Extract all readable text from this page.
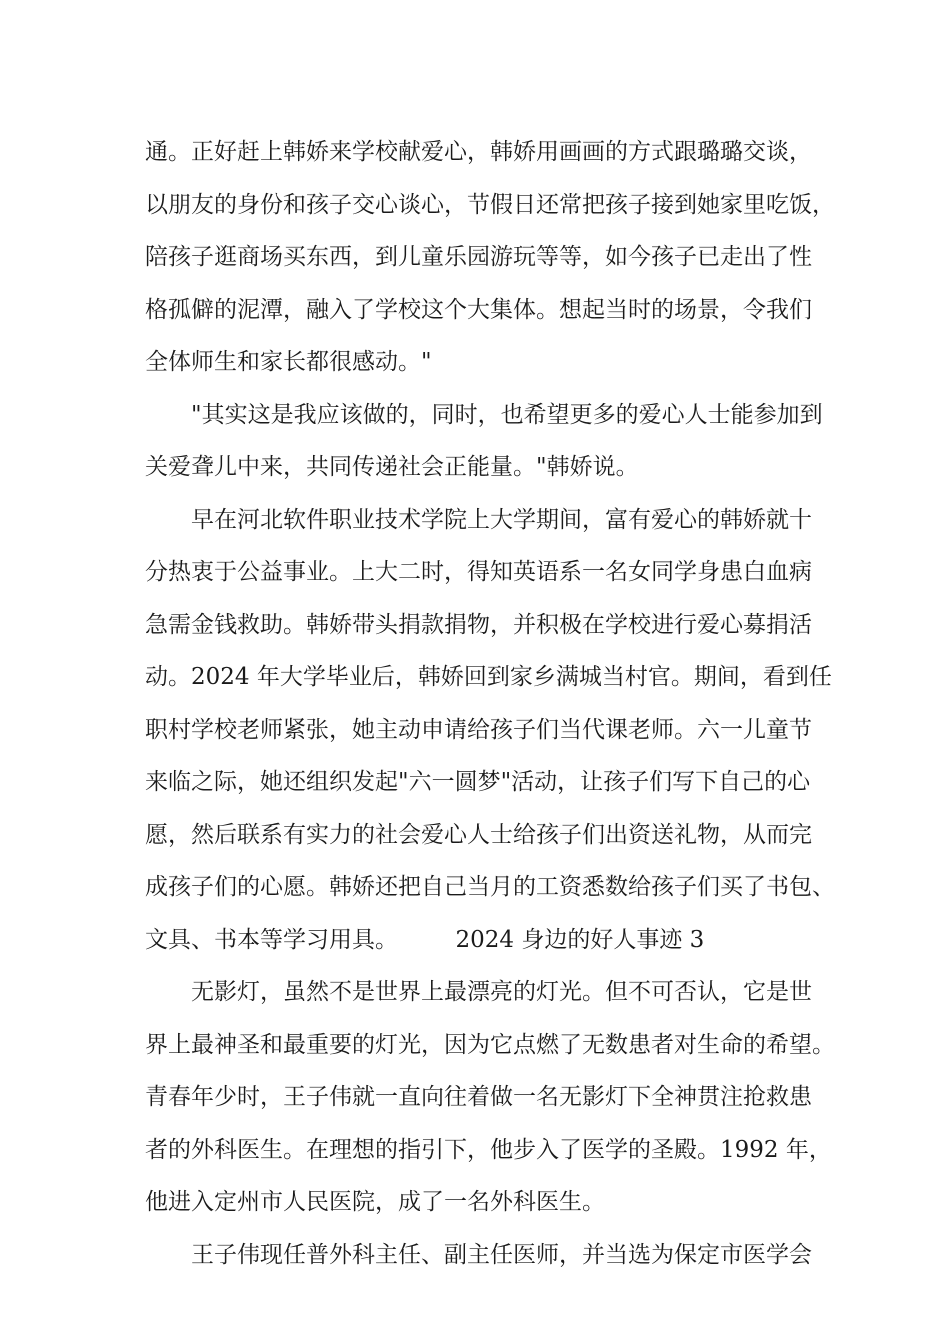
通。正好赶上韩娇来学校献爱心，韩娇用画画的方式跟璐璐交谈，
以朋友的身份和孩子交心谈心，节假日还常把孩子接到她家里吃饭，
陪孩子逛商场买东西，到儿童乐园游玩等等，如今孩子已走出了性
格孤僻的泥潭，融入了学校这个大集体。想起当时的场景，令我们
全体师生和家长都很感动。"
　　"其实这是我应该做的，同时，也希望更多的爱心人士能参加到
关爱聋儿中来，共同传递社会正能量。"韩娇说。
　　早在河北软件职业技术学院上大学期间，富有爱心的韩娇就十
分热衷于公益事业。上大二时，得知英语系一名女同学身患白血病
急需金钱救助。韩娇带头捐款捐物，并积极在学校进行爱心募捐活
动。2024 年大学毕业后，韩娇回到家乡满城当村官。期间，看到任
职村学校老师紧张，她主动申请给孩子们当代课老师。六一儿童节
来临之际，她还组织发起"六一圆梦"活动，让孩子们写下自己的心
愿，然后联系有实力的社会爱心人士给孩子们出资送礼物，从而完
成孩子们的心愿。韩娇还把自己当月的工资悉数给孩子们买了书包、
文具、书本等学习用具。　　　2024 身边的好人事迹 3
　　无影灯，虽然不是世界上最漂亮的灯光。但不可否认，它是世
界上最神圣和最重要的灯光，因为它点燃了无数患者对生命的希望。
青春年少时，王子伟就一直向往着做一名无影灯下全神贯注抢救患
者的外科医生。在理想的指引下，他步入了医学的圣殿。1992 年，
他进入定州市人民医院，成了一名外科医生。
　　王子伟现任普外科主任、副主任医师，并当选为保定市医学会
